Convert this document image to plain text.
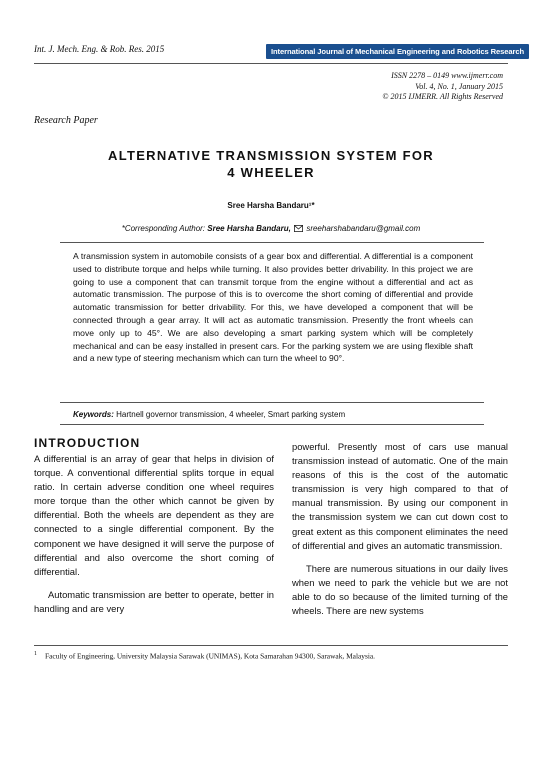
Int. J. Mech. Eng. & Rob. Res. 2015	International Journal of Mechanical Engineering and Robotics Research
ISSN 2278 – 0149 www.ijmerr.com
Vol. 4, No. 1, January 2015
© 2015 IJMERR. All Rights Reserved
Research Paper
ALTERNATIVE TRANSMISSION SYSTEM FOR
4 WHEELER
Sree Harsha Bandaru¹*
*Corresponding Author: Sree Harsha Bandaru, sreeharshabandaru@gmail.com
A transmission system in automobile consists of a gear box and differential. A differential is a component used to distribute torque and helps while turning. It also provides better drivability. In this project we are going to use a component that can transmit torque from the engine without a differential and act as automatic transmission. The purpose of this is to overcome the short coming of differential and provide automatic transmission for better drivability. For this, we have developed a component that will be connected through a gear array. It will act as automatic transmission. Presently the front wheels can move only up to 45°. We are also developing a smart parking system which will be completely mechanical and can be easy installed in present cars. For the parking system we are using flexible shaft and a new type of steering mechanism which can turn the wheel to 90°.
Keywords: Hartnell governor transmission, 4 wheeler, Smart parking system
INTRODUCTION

A differential is an array of gear that helps in division of torque. A conventional differential splits torque in equal ratio. In certain adverse condition one wheel requires more torque than the other which cannot be given by differential. Both the wheels are dependent as they are connected to a single differential component. By the component we have designed it will serve the purpose of differential and also overcome the short coming of differential.

Automatic transmission are better to operate, better in handling and are very

powerful. Presently most of cars use manual transmission instead of automatic. One of the main reasons of this is the cost of the automatic transmission is very high compared to that of manual transmission. By using our component in the transmission system we can cut down cost to great extent as this component eliminates the need of differential and gives an automatic transmission.

There are numerous situations in our daily lives when we need to park the vehicle but we are not able to do so because of the limited turning of the wheels. There are new systems

$^1$ Faculty of Engineering, University Malaysia Sarawak (UNIMAS), Kota Samarahan 94300, Sarawak, Malaysia.
